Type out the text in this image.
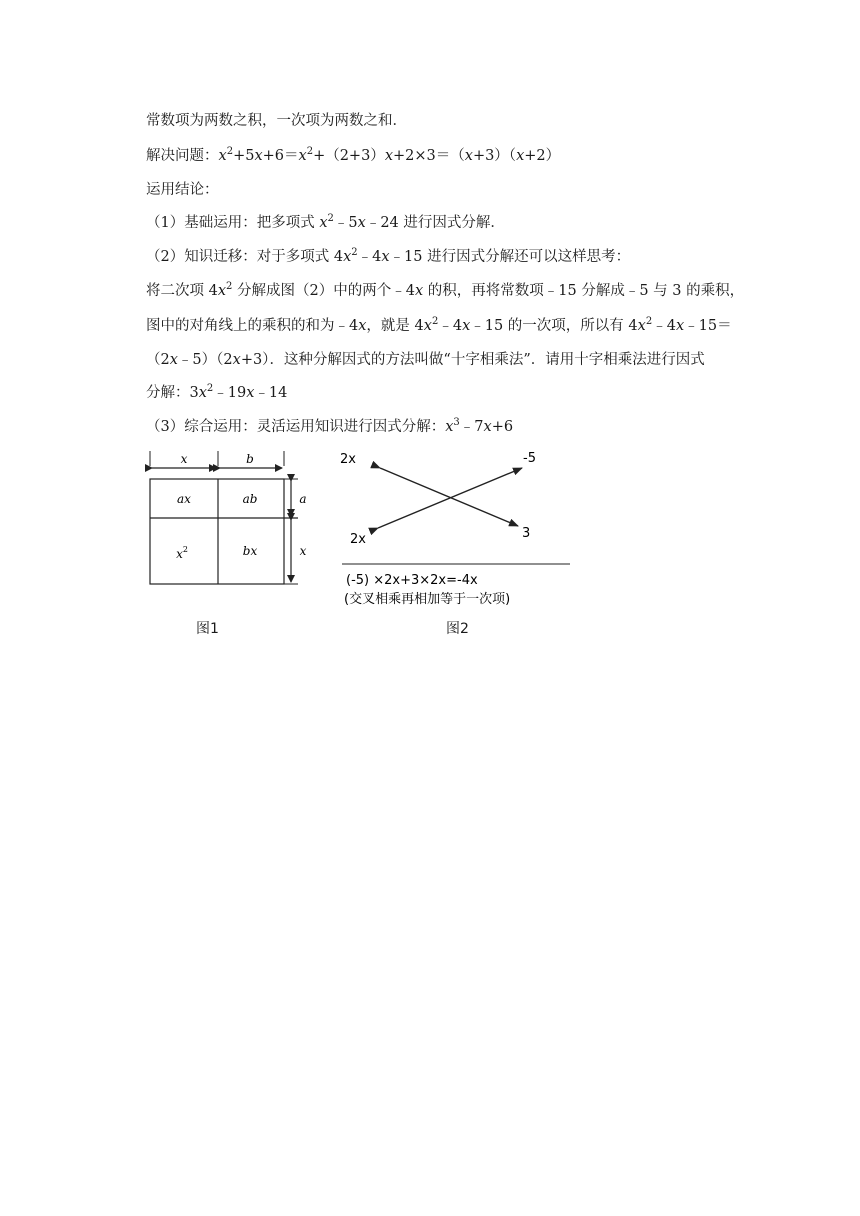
常数项为两数之积，一次项为两数之和．
解决问题：$x^2+5x+6=x^2+(2+3)x+2\times 3=(x+3)(x+2)$
运用结论：
（1）基础运用：把多项式 $x^2﹣5x﹣24$ 进行因式分解．
（2）知识迁移：对于多项式 $4x^2﹣4x﹣15$ 进行因式分解还可以这样思考：
将二次项 $4x^2$ 分解成图（2）中的两个﹣4x 的积，再将常数项﹣15 分解成﹣5 与 3 的乘积，
图中的对角线上的乘积的和为﹣4x，就是 $4x^2﹣4x﹣15$ 的一次项，所以有 $4x^2﹣4x﹣15=$
（2x﹣5）（2x+3）．这种分解因式的方法叫做“十字相乘法”．请用十字相乘法进行因式
分解：$3x^2﹣19x﹣14$
（3）综合运用：灵活运用知识进行因式分解：$x^3﹣7x+6$
x	b
a
x
ax	ab
$x^2$	bx
图1
2x	-5
2x	3
(-5) ×2x+3×2x=-4x
(交叉相乘再相加等于一次项)
图2
